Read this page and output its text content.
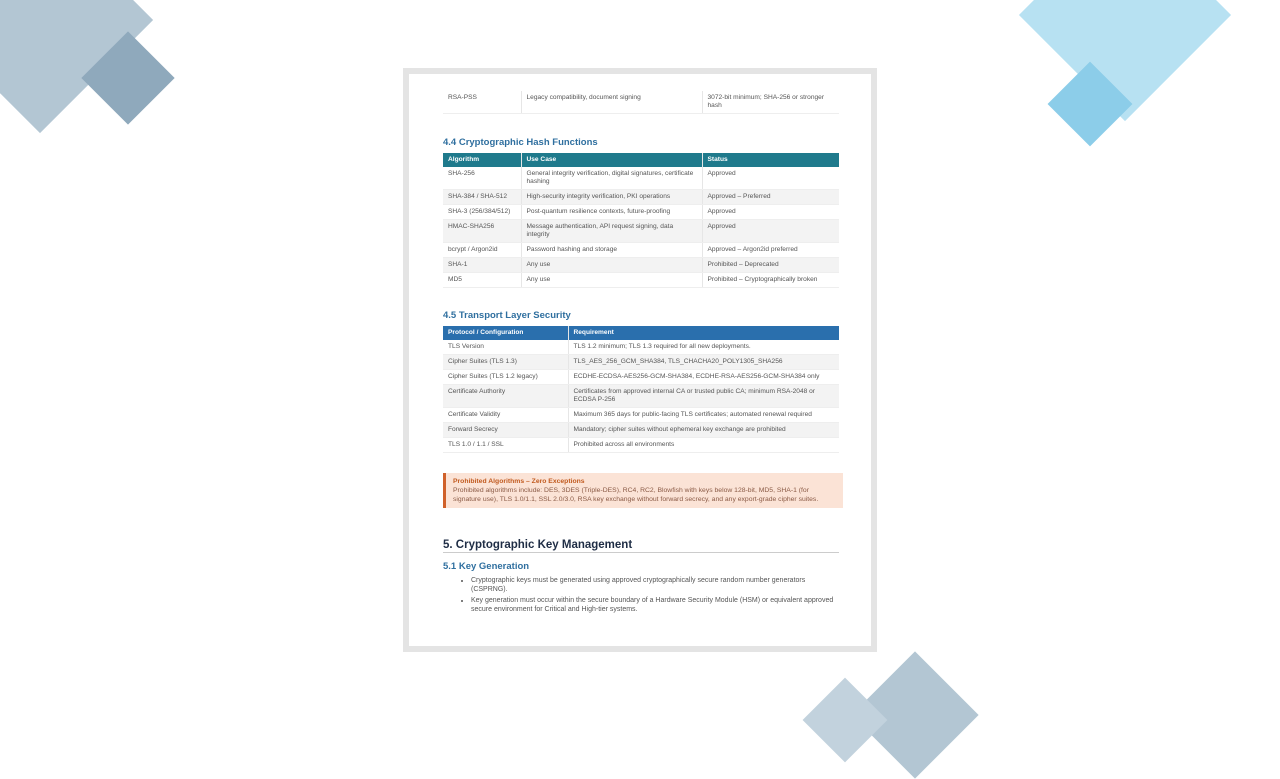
RSA-PSS	Legacy compatibility, document signing	3072-bit minimum; SHA-256 or stronger hash
4.4 Cryptographic Hash Functions
Algorithm	Use Case	Status
SHA-256	General integrity verification, digital signatures, certificate hashing	Approved
SHA-384 / SHA-512	High-security integrity verification, PKI operations	Approved – Preferred
SHA-3 (256/384/512)	Post-quantum resilience contexts, future-proofing	Approved
HMAC-SHA256	Message authentication, API request signing, data integrity	Approved
bcrypt / Argon2id	Password hashing and storage	Approved – Argon2id preferred
SHA-1	Any use	Prohibited – Deprecated
MD5	Any use	Prohibited – Cryptographically broken
4.5 Transport Layer Security
Protocol / Configuration	Requirement
TLS Version	TLS 1.2 minimum; TLS 1.3 required for all new deployments.
Cipher Suites (TLS 1.3)	TLS_AES_256_GCM_SHA384, TLS_CHACHA20_POLY1305_SHA256
Cipher Suites (TLS 1.2 legacy)	ECDHE-ECDSA-AES256-GCM-SHA384, ECDHE-RSA-AES256-GCM-SHA384 only
Certificate Authority	Certificates from approved internal CA or trusted public CA; minimum RSA-2048 or ECDSA P-256
Certificate Validity	Maximum 365 days for public-facing TLS certificates; automated renewal required
Forward Secrecy	Mandatory; cipher suites without ephemeral key exchange are prohibited
TLS 1.0 / 1.1 / SSL	Prohibited across all environments
Prohibited Algorithms – Zero Exceptions
Prohibited algorithms include: DES, 3DES (Triple-DES), RC4, RC2, Blowfish with keys below 128-bit, MD5, SHA-1 (for signature use), TLS 1.0/1.1, SSL 2.0/3.0, RSA key exchange without forward secrecy, and any export-grade cipher suites.
5. Cryptographic Key Management
5.1 Key Generation
• Cryptographic keys must be generated using approved cryptographically secure random number generators (CSPRNG).
• Key generation must occur within the secure boundary of a Hardware Security Module (HSM) or equivalent approved secure environment for Critical and High-tier systems.
